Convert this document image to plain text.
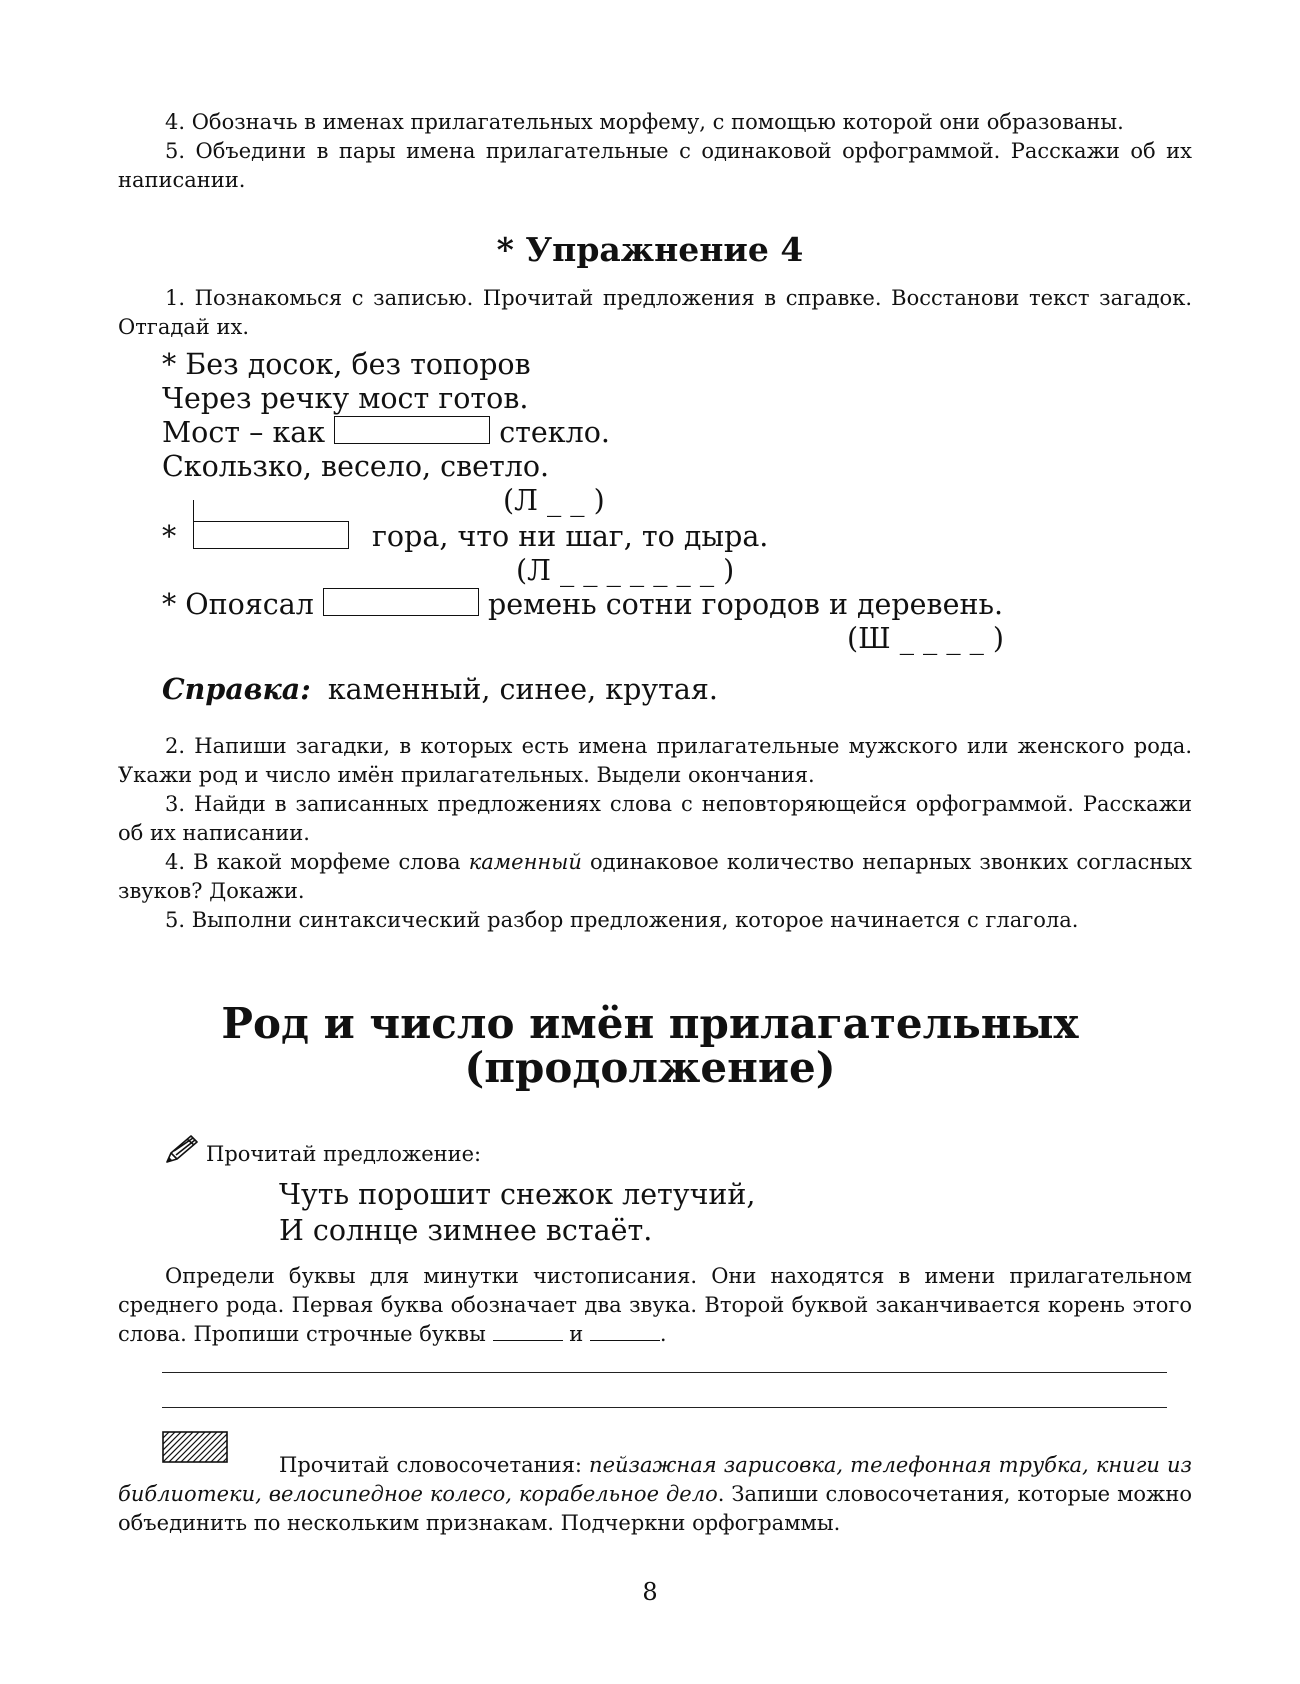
4. Обозначь в именах прилагательных морфему, с помощью которой они образованы.
5. Объедини в пары имена прилагательные с одинаковой орфограммой. Расскажи об их написании.
* Упражнение 4
1. Познакомься с записью. Прочитай предложения в справке. Восстанови текст загадок. Отгадай их.
* Без досок, без топоров
Через речку мост готов.
Мост – как	стекло.
Скользко, весело, светло.
(Л _ _ )
*	гора, что ни шаг, то дыра.
(Л _ _ _ _ _ _ _ )
* Опоясал	ремень сотни городов и деревень.
(Ш _ _ _ _ )
Справка: каменный, синее, крутая.
2. Напиши загадки, в которых есть имена прилагательные мужского или женского рода. Укажи род и число имён прилагательных. Выдели окончания.
3. Найди в записанных предложениях слова с неповторяющейся орфограммой. Расскажи об их написании.
4. В какой морфеме слова каменный одинаковое количество непарных звонких согласных звуков? Докажи.
5. Выполни синтаксический разбор предложения, которое начинается с глагола.
Род и число имён прилагательных
(продолжение)
Прочитай предложение:
Чуть порошит снежок летучий,
И солнце зимнее встаёт.
Определи буквы для минутки чистописания. Они находятся в имени прилагательном среднего рода. Первая буква обозначает два звука. Второй буквой заканчивается корень этого слова. Пропиши строчные буквы	и	.
Прочитай словосочетания: пейзажная зарисовка, телефонная трубка, книги из библиотеки, велосипедное колесо, корабельное дело. Запиши словосочетания, которые можно объединить по нескольким признакам. Подчеркни орфограммы.
8
